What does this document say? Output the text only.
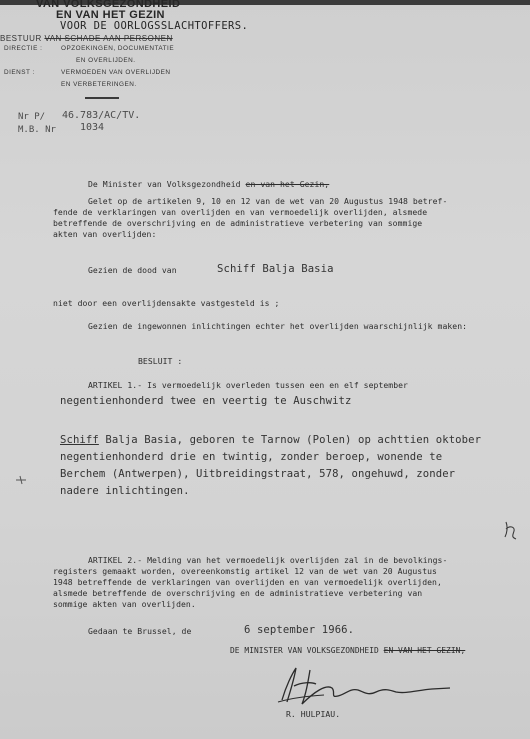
VAN VOLKSGEZONDHEID
EN VAN HET GEZIN
VOOR DE OORLOGSSLACHTOFFERS.
BESTUUR VAN SCHADE AAN PERSONEN
DIRECTIE :	OPZOEKINGEN, DOCUMENTATIE
EN OVERLIJDEN.
DIENST :	VERMOEDEN VAN OVERLIJDEN
EN VERBETERINGEN.
Nr P/ 46.783/AC/TV.
M.B. Nr 1034
De Minister van Volksgezondheid en van het Gezin,
Gelet op de artikelen 9, 10 en 12 van de wet van 20 Augustus 1948 betref-
fende de verklaringen van overlijden en van vermoedelijk overlijden, alsmede
betreffende de overschrijving en de administratieve verbetering van sommige
akten van overlijden:
Gezien de dood van	Schiff Balja Basia
niet door een overlijdensakte vastgesteld is ;
Gezien de ingewonnen inlichtingen echter het overlijden waarschijnlijk maken:
BESLUIT :
ARTIKEL 1.- Is vermoedelijk overleden tussen een en elf september
negentienhonderd twee en veertig te Auschwitz
Schiff Balja Basia, geboren te Tarnow (Polen) op achttien oktober
negentienhonderd drie en twintig, zonder beroep, wonende te
Berchem (Antwerpen), Uitbreidingstraat, 578, ongehuwd, zonder
nadere inlichtingen.
ARTIKEL 2.- Melding van het vermoedelijk overlijden zal in de bevolkings-
registers gemaakt worden, overeenkomstig artikel 12 van de wet van 20 Augustus
1948 betreffende de verklaringen van overlijden en van vermoedelijk overlijden,
alsmede betreffende de overschrijving en de administratieve verbetering van
sommige akten van overlijden.
Gedaan te Brussel, de	6 september 1966.
DE MINISTER VAN VOLKSGEZONDHEID EN VAN HET GEZIN,
R. HULPIAU.
